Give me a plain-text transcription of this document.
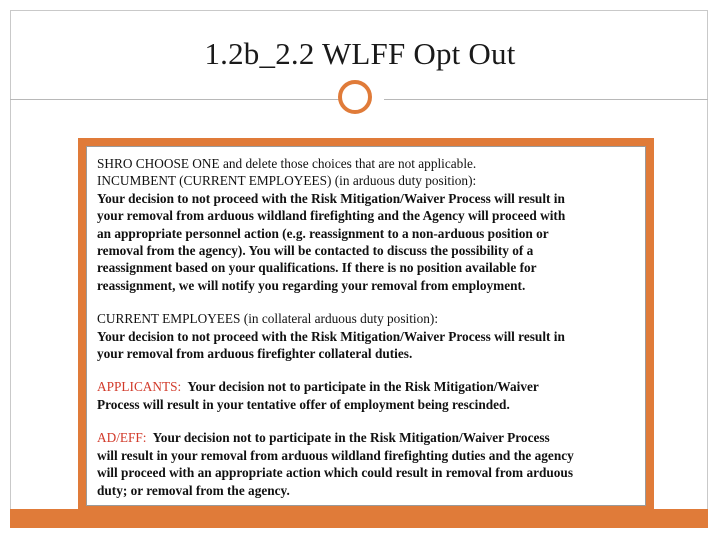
1.2b_2.2 WLFF Opt Out

SHRO CHOOSE ONE and delete those choices that are not applicable.

INCUMBENT (CURRENT EMPLOYEES) (in arduous duty position):

Your decision to not proceed with the Risk Mitigation/Waiver Process will result in

your removal from arduous wildland firefighting and the Agency will proceed with

an appropriate personnel action (e.g. reassignment to a non-arduous position or

removal from the agency). You will be contacted to discuss the possibility of a

reassignment based on your qualifications. If there is no position available for

reassignment, we will notify you regarding your removal from employment.

CURRENT EMPLOYEES (in collateral arduous duty position):

Your decision to not proceed with the Risk Mitigation/Waiver Process will result in

your removal from arduous firefighter collateral duties.

APPLICANTS: Your decision not to participate in the Risk Mitigation/Waiver

Process will result in your tentative offer of employment being rescinded.

AD/EFF: Your decision not to participate in the Risk Mitigation/Waiver Process

will result in your removal from arduous wildland firefighting duties and the agency

will proceed with an appropriate action which could result in removal from arduous

duty; or removal from the agency.
